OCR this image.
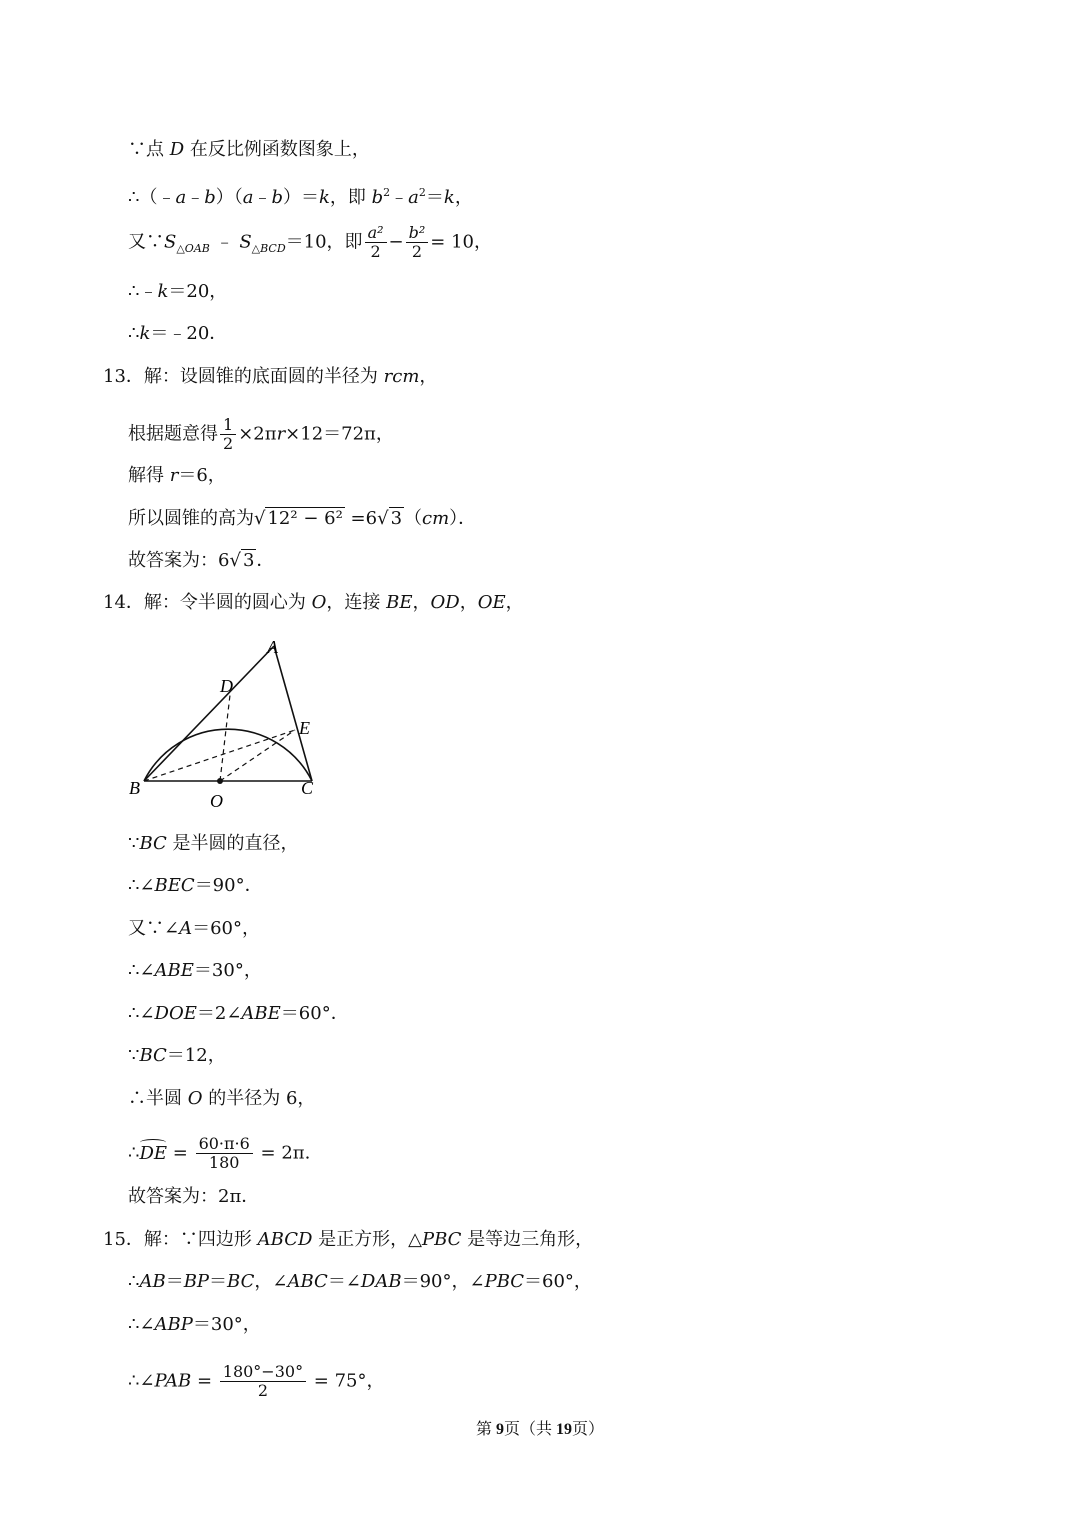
∵点 D 在反比例函数图象上，
∴（﹣a﹣b）（a﹣b）＝k，即 $b^2﹣a^2=k$，
又$\because S_{\triangle OAB}$ ﹣ $S_{\triangle BCD}=10$，即 $\frac{\text{a²}}{2} - \frac{\text{b²}}{2} = 10$，
∴﹣k＝20，
∴k＝﹣20．
13．解：设圆锥的底面圆的半径为 rcm，
根据题意得 $\frac{1}{2} \times 2\pi r\times 12=72\pi$，
解得 r＝6，
所以圆锥的高为√ 12² − 6² =6√ 3 （cm）．
故答案为：6√ 3 ．
14．解：令半圆的圆心为 O，连接 BE，OD，OE，
A
D
E
B
O
C
∵BC 是半圆的直径，
∴∠BEC＝90°．
又∵∠A＝60°，
∴∠ABE＝30°，
∴∠DOE＝2∠ABE＝60°．
∵BC＝12，
∴半圆 O 的半径为 6，
∴DE = $\frac{60\cdot\pi\cdot 6}{180} = 2\pi$.
故答案为：2π．
15．解：∵四边形 ABCD 是正方形，△PBC 是等边三角形，
∴AB＝BP＝BC，∠ABC＝∠DAB＝90°，∠PBC＝60°，
∴∠ABP＝30°，
∴∠PAB = $\frac{180^\circ-30^\circ}{2} = 75^\circ$，
第 9页（共 19页）
